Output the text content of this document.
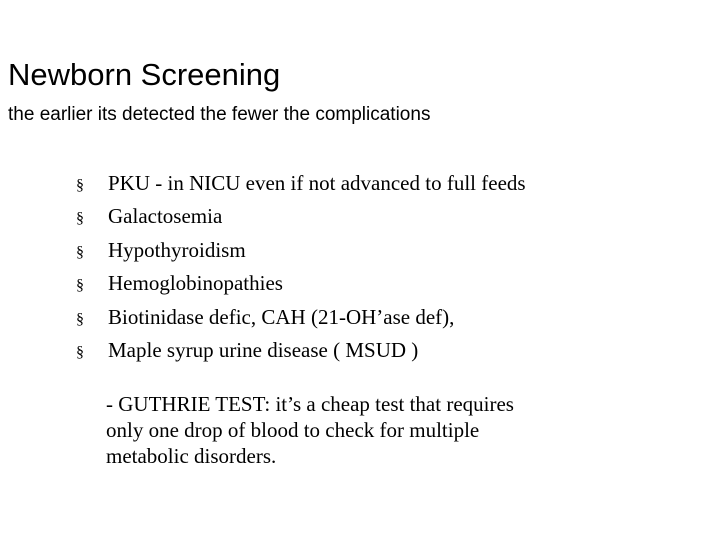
Newborn Screening
the earlier its detected the fewer the complications
§ PKU - in NICU even if not advanced to full feeds
§ Galactosemia
§ Hypothyroidism
§ Hemoglobinopathies
§ Biotinidase defic, CAH (21-OH’ase def),
§ Maple syrup urine disease ( MSUD )

- GUTHRIE TEST: it’s a cheap test that requires
only one drop of blood to check for multiple
metabolic disorders.
